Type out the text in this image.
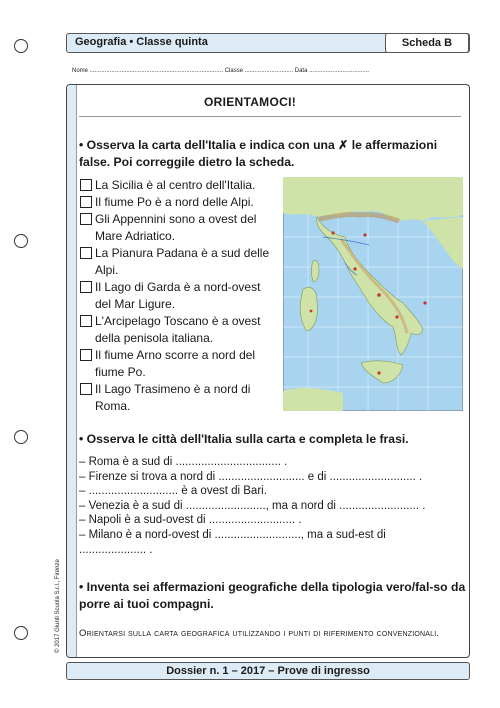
Geografia • Classe quinta	Scheda B
Nome ................................................................................ Classe ............................. Data ....................................
ORIENTAMOCI!
• Osserva la carta dell'Italia e indica con una ✗ le affermazioni false. Poi correggile dietro la scheda.
La Sicilia è al centro dell'Italia.
Il fiume Po è a nord delle Alpi.
Gli Appennini sono a ovest del Mare Adriatico.
La Pianura Padana è a sud delle Alpi.
Il Lago di Garda è a nord-ovest del Mar Ligure.
L'Arcipelago Toscano è a ovest della penisola italiana.
Il fiume Arno scorre a nord del fiume Po.
Il Lago Trasimeno è a nord di Roma.
• Osserva le città dell'Italia sulla carta e completa le frasi.
– Roma è a sud di ................................. .
– Firenze si trova a nord di ........................... e di ........................... .
– ............................ è a ovest di Bari.
– Venezia è a sud di ........................., ma a nord di ......................... .
– Napoli è a sud-ovest di ........................... .
– Milano è a nord-ovest di ..........................., ma a sud-est di
..................... .
• Inventa sei affermazioni geografiche della tipologia vero/fal-so da porre ai tuoi compagni.
Orientarsi sulla carta geografica utilizzando i punti di riferimento convenzionali.
Dossier n. 1 – 2017 – Prove di ingresso
© 2017 Giunti Scuola S.r.l., Firenze
